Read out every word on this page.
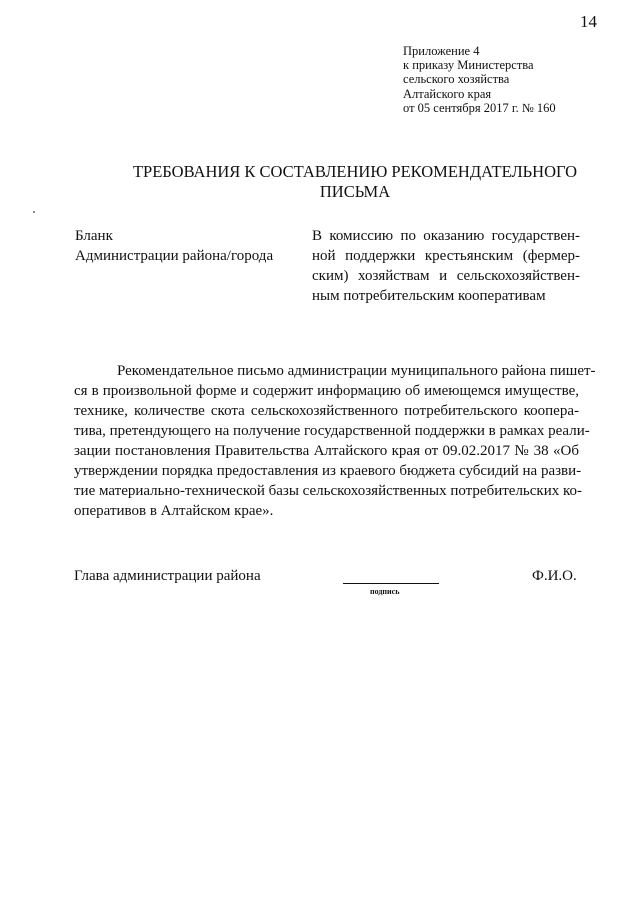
14
Приложение 4
к приказу Министерства
сельского хозяйства
Алтайского края
от 05 сентября 2017 г. № 160
ТРЕБОВАНИЯ К СОСТАВЛЕНИЮ РЕКОМЕНДАТЕЛЬНОГО
ПИСЬМА
Бланк
Администрации района/города
В комиссию по оказанию государствен-
ной поддержки крестьянским (фермер-
ским) хозяйствам и сельскохозяйствен-
ным потребительским кооперативам
Рекомендательное письмо администрации муниципального района пишет-
ся в произвольной форме и содержит информацию об имеющемся имуществе,
технике, количестве скота сельскохозяйственного потребительского коопера-
тива, претендующего на получение государственной поддержки в рамках реали-
зации постановления Правительства Алтайского края от 09.02.2017 № 38 «Об
утверждении порядка предоставления из краевого бюджета субсидий на разви-
тие материально-технической базы сельскохозяйственных потребительских ко-
оперативов в Алтайском крае».
Глава администрации района
подпись
Ф.И.О.
